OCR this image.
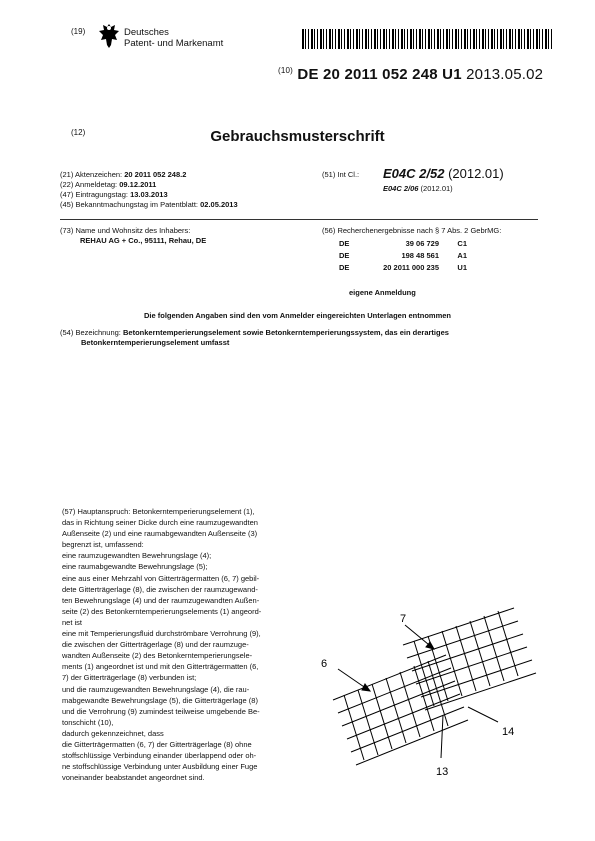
(19)	Deutsches
Patent- und Markenamt
$^{(10)}$ DE 20 2011 052 248 U1 2013.05.02
(12)	Gebrauchsmusterschrift
(21) Aktenzeichen: 20 2011 052 248.2
(22) Anmeldetag: 09.12.2011
(47) Eintragungstag: 13.03.2013
(45) Bekanntmachungstag im Patentblatt: 02.05.2013
(51) Int Cl.: E04C 2/52 (2012.01)
E04C 2/06 (2012.01)
(73) Name und Wohnsitz des Inhabers:
REHAU AG + Co., 95111, Rehau, DE
(56) Recherchenergebnisse nach § 7 Abs. 2 GebrMG:
DE	39 06 729 C1
DE	198 48 561 A1
DE	20 2011 000 235 U1
eigene Anmeldung
Die folgenden Angaben sind den vom Anmelder eingereichten Unterlagen entnommen
(54) Bezeichnung: Betonkerntemperierungselement sowie Betonkerntemperierungssystem, das ein derartiges
Betonkerntemperierungselement umfasst

(57) Hauptanspruch: Betonkerntemperierungselement (1),

das in Richtung seiner Dicke durch eine raumzugewandten

Außenseite (2) und eine raumabgewandten Außenseite (3)

begrenzt ist, umfassend:

eine raumzugewandten Bewehrungslage (4);

eine raumabgewandte Bewehrungslage (5);

eine aus einer Mehrzahl von Gitterträgermatten (6, 7) gebil-

dete Gitterträgerlage (8), die zwischen der raumzugewand-

ten Bewehrungslage (4) und der raumzugewandten Außen-

seite (2) des Betonkerntemperierungselements (1) angeord-

net ist

eine mit Temperierungsfluid durchströmbare Verrohrung (9),

die zwischen der Gitterträgerlage (8) und der raumzuge-

wandten Außenseite (2) des Betonkerntemperierungsele-

ments (1) angeordnet ist und mit den Gitterträgermatten (6,

7) der Gitterträgerlage (8) verbunden ist;

und die raumzugewandten Bewehrungslage (4), die rau-

mabgewandte Bewehrungslage (5), die Gitterträgerlage (8)

und die Verrohrung (9) zumindest teilweise umgebende Be-

tonschicht (10),

dadurch gekennzeichnet, dass

die Gitterträgermatten (6, 7) der Gitterträgerlage (8) ohne

stoffschlüssige Verbindung einander überlappend oder oh-

ne stoffschlüssige Verbindung unter Ausbildung einer Fuge

voneinander beabstandet angeordnet sind.

7
6
14
13
